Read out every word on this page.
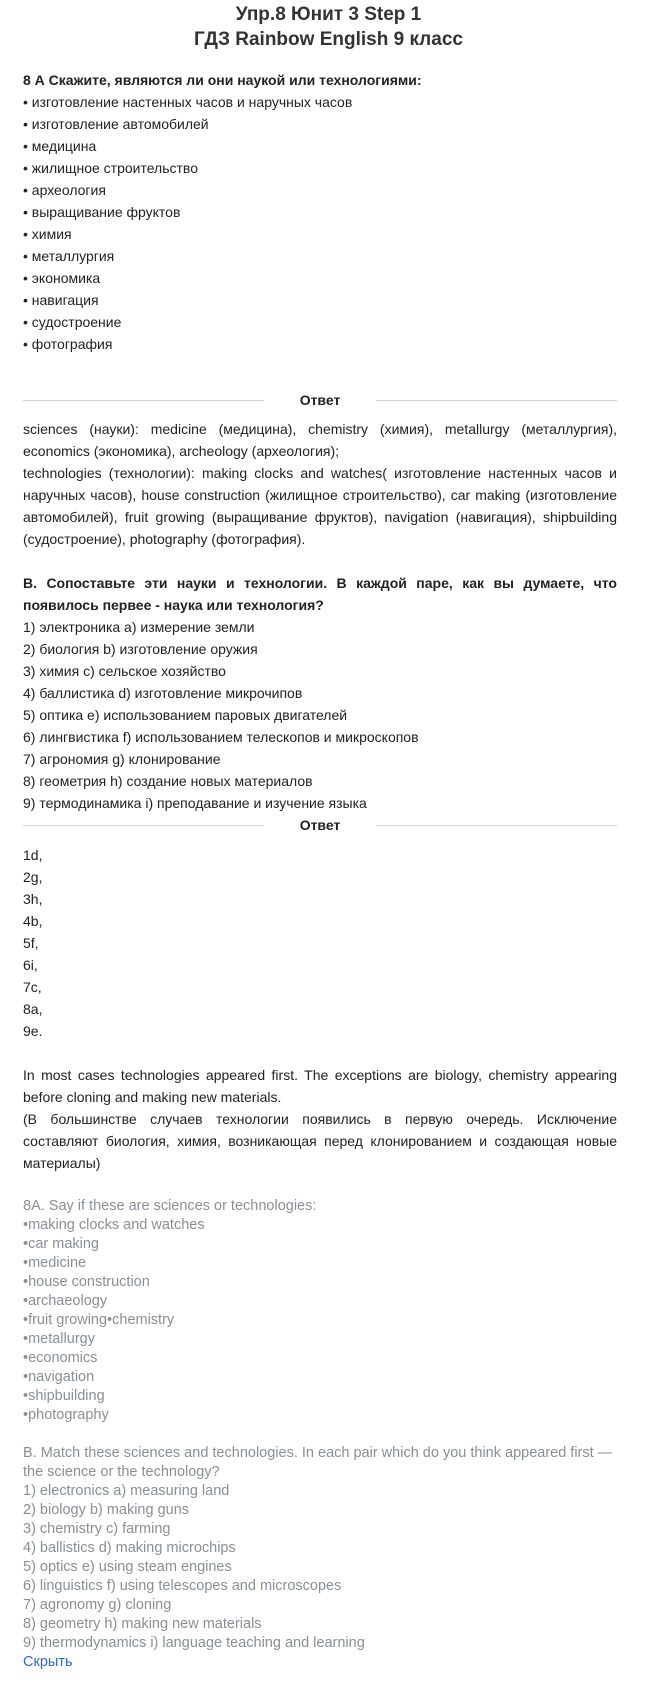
Упр.8 Юнит 3 Step 1
ГДЗ Rainbow English 9 класс
8 А Скажите, являются ли они наукой или технологиями:
• изготовление настенных часов и наручных часов
• изготовление автомобилей
• медицина
• жилищное строительство
• археология
• выращивание фруктов
• химия
• металлургия
• экономика
• навигация
• судостроение
• фотография
Ответ
sciences (науки): medicine (медицина), chemistry (химия), metallurgy (металлургия), economics (экономика), archeology (археология);
technologies (технологии): making clocks and watches( изготовление настенных часов и наручных часов), house construction (жилищное строительство), car making (изготовление автомобилей), fruit growing (выращивание фруктов), navigation (навигация), shipbuilding (судостроение), photography (фотография).
B. Сопоставьте эти науки и технологии. В каждой паре, как вы думаете, что появилось первее - наука или технология?
1) электроника a) измерение земли
2) биология b) изготовление оружия
3) химия c) сельское хозяйство
4) баллистика d) изготовление микрочипов
5) оптика e) использованием паровых двигателей
6) лингвистика f) использованием телескопов и микроскопов
7) агрономия g) клонирование
8) геометрия h) создание новых материалов
9) термодинамика i) преподавание и изучение языка
Ответ
1d,
2g,
3h,
4b,
5f,
6i,
7c,
8a,
9e.
In most cases technologies appeared first. The exceptions are biology, chemistry appearing before cloning and making new materials.
(В большинстве случаев технологии появились в первую очередь. Исключение составляют биология, химия, возникающая перед клонированием и создающая новые материалы)
8A. Say if these are sciences or technologies:
•making clocks and watches
•car making
•medicine
•house construction
•archaeology
•fruit growing•chemistry
•metallurgy
•economics
•navigation
•shipbuilding
•photography
B. Match these sciences and technologies. In each pair which do you think appeared first — the science or the technology?
1) electronics a) measuring land
2) biology b) making guns
3) chemistry c) farming
4) ballistics d) making microchips
5) optics e) using steam engines
6) linguistics f) using telescopes and microscopes
7) agronomy g) cloning
8) geometry h) making new materials
9) thermodynamics i) language teaching and learning
Скрыть
